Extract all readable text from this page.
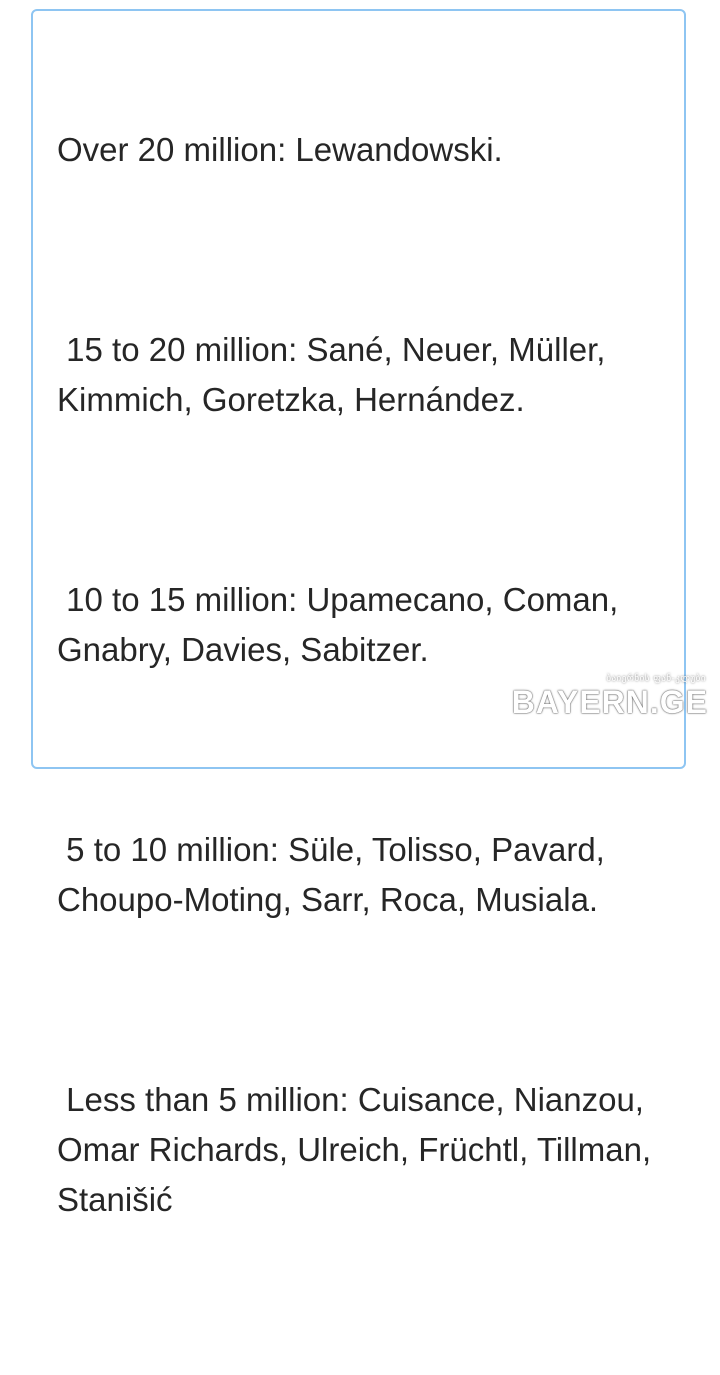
Over 20 million: Lewandowski.

15 to 20 million: Sané, Neuer, Müller, Kimmich, Goretzka, Hernández.

10 to 15 million: Upamecano, Coman, Gnabry, Davies, Sabitzer.

5 to 10 million: Süle, Tolisso, Pavard, Choupo-Moting, Sarr, Roca, Musiala.

Less than 5 million: Cuisance, Nianzou, Omar Richards, Ulreich, Früchtl, Tillman, Stanišić

ბაიერნის ფან-კლუბი
BAYERN.GE
